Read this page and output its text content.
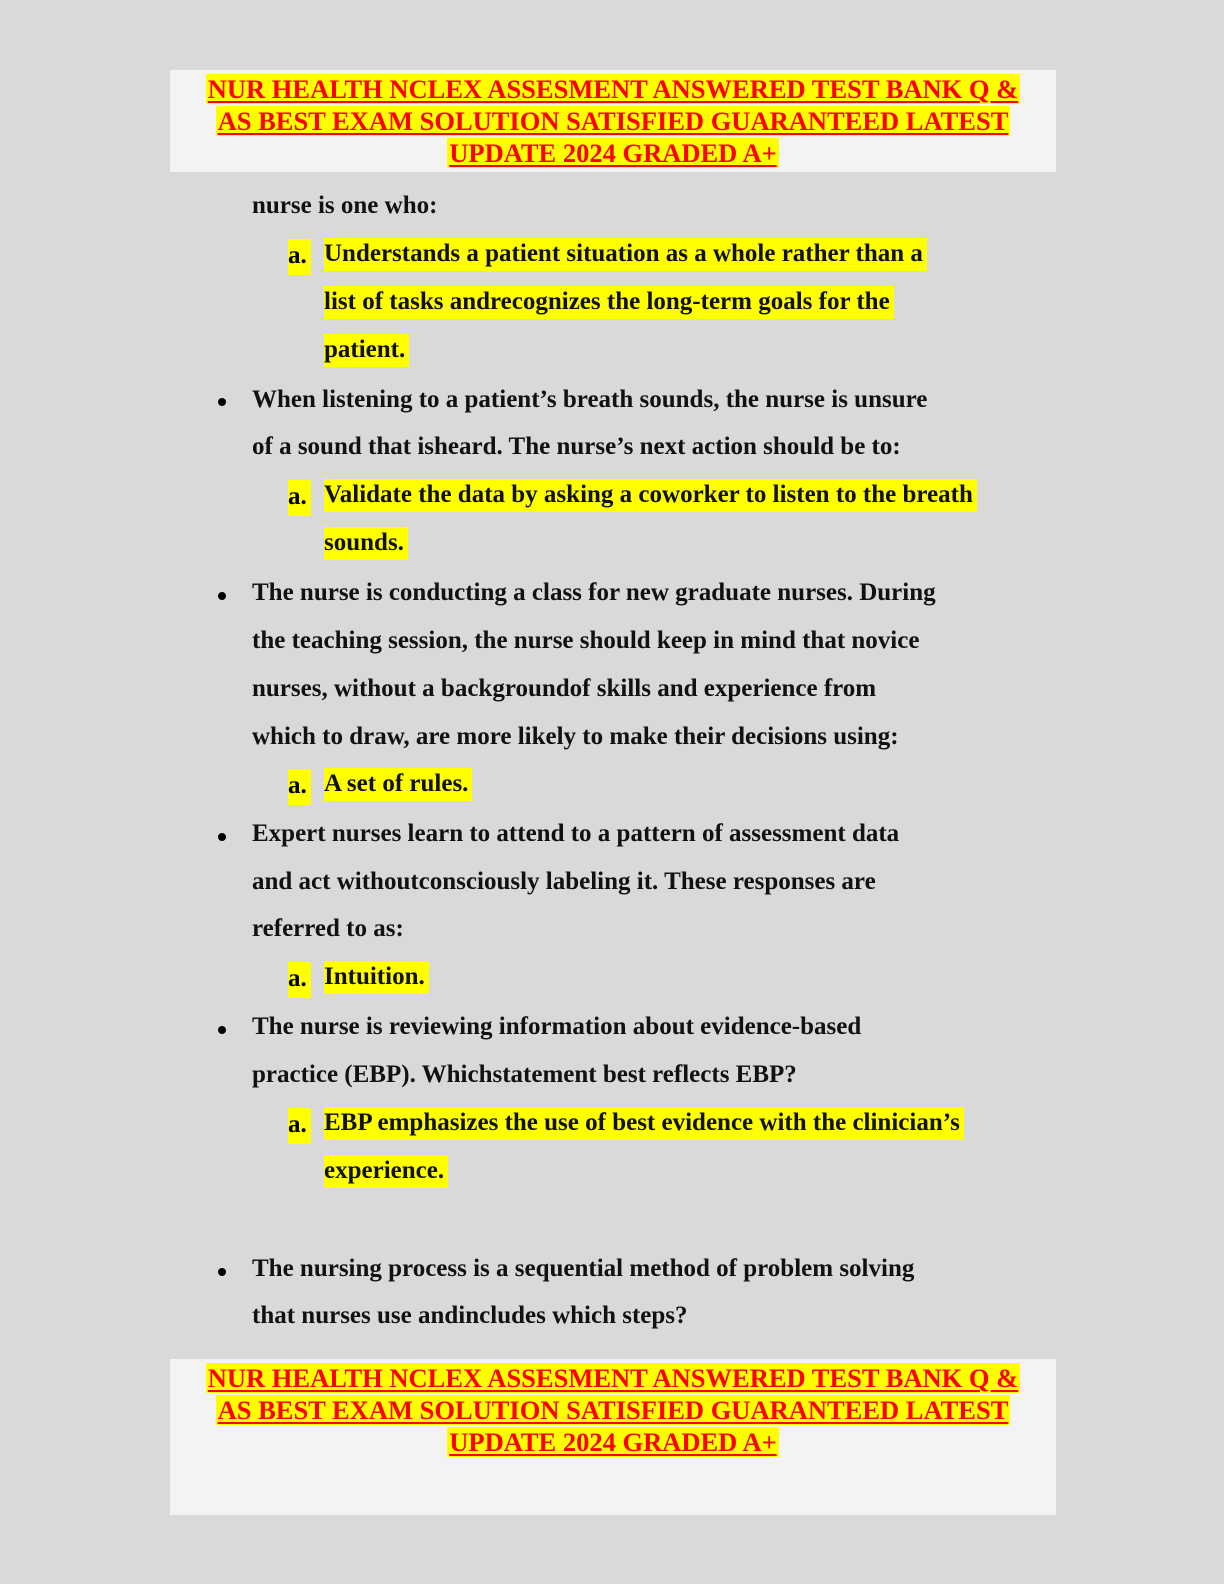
NUR HEALTH NCLEX ASSESMENT ANSWERED TEST BANK Q &
AS BEST EXAM SOLUTION SATISFIED GUARANTEED LATEST
UPDATE 2024 GRADED A+
nurse is one who:
a. Understands a patient situation as a whole rather than a
list of tasks andrecognizes the long-term goals for the
patient.
When listening to a patient’s breath sounds, the nurse is unsure
of a sound that isheard. The nurse’s next action should be to:
a. Validate the data by asking a coworker to listen to the breath
sounds.
The nurse is conducting a class for new graduate nurses. During
the teaching session, the nurse should keep in mind that novice
nurses, without a backgroundof skills and experience from
which to draw, are more likely to make their decisions using:
a. A set of rules.
Expert nurses learn to attend to a pattern of assessment data
and act withoutconsciously labeling it. These responses are
referred to as:
a. Intuition.
The nurse is reviewing information about evidence-based
practice (EBP). Whichstatement best reflects EBP?
a. EBP emphasizes the use of best evidence with the clinician’s
experience.
The nursing process is a sequential method of problem solving
that nurses use andincludes which steps?
NUR HEALTH NCLEX ASSESMENT ANSWERED TEST BANK Q &
AS BEST EXAM SOLUTION SATISFIED GUARANTEED LATEST
UPDATE 2024 GRADED A+
